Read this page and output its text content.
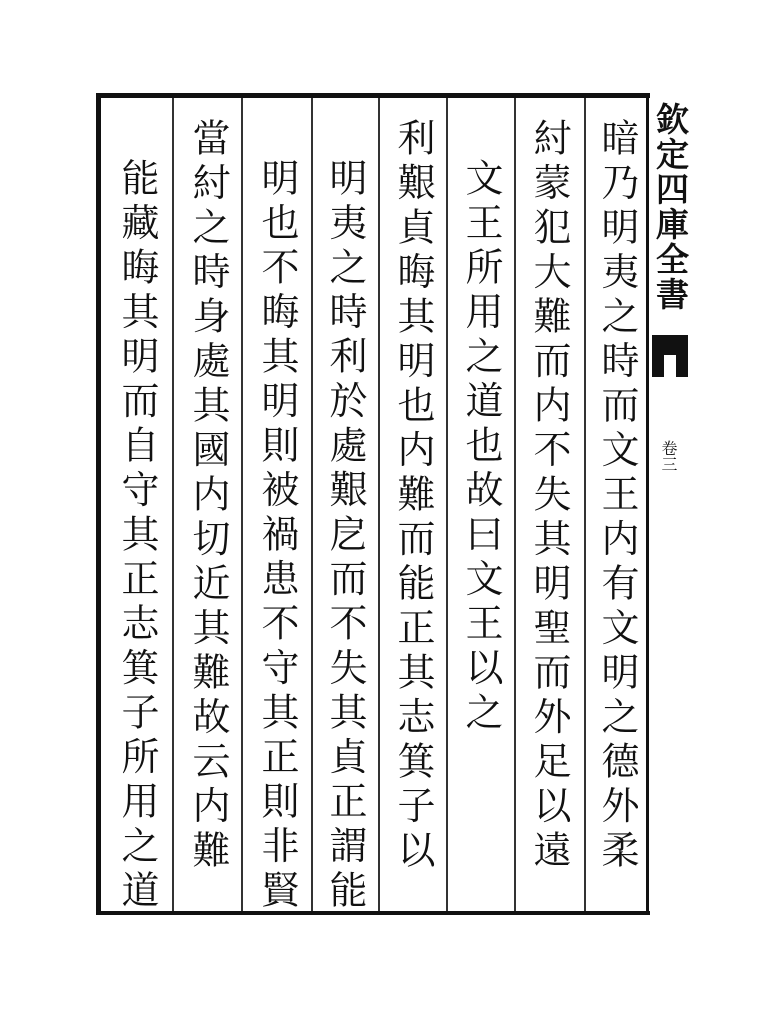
暗乃明夷之時而文王内有文明之德外柔
紂蒙犯大難而内不失其明聖而外足以遠
文王所用之道也故曰文王以之
利艱貞晦其明也内難而能正其志箕子以
明夷之時利於處艱戹而不失其貞正謂能
明也不晦其明則被禍患不守其正則非賢
當紂之時身處其國内切近其難故云内難
能藏晦其明而自守其正志箕子所用之道
欽定四庫全書
卷三
